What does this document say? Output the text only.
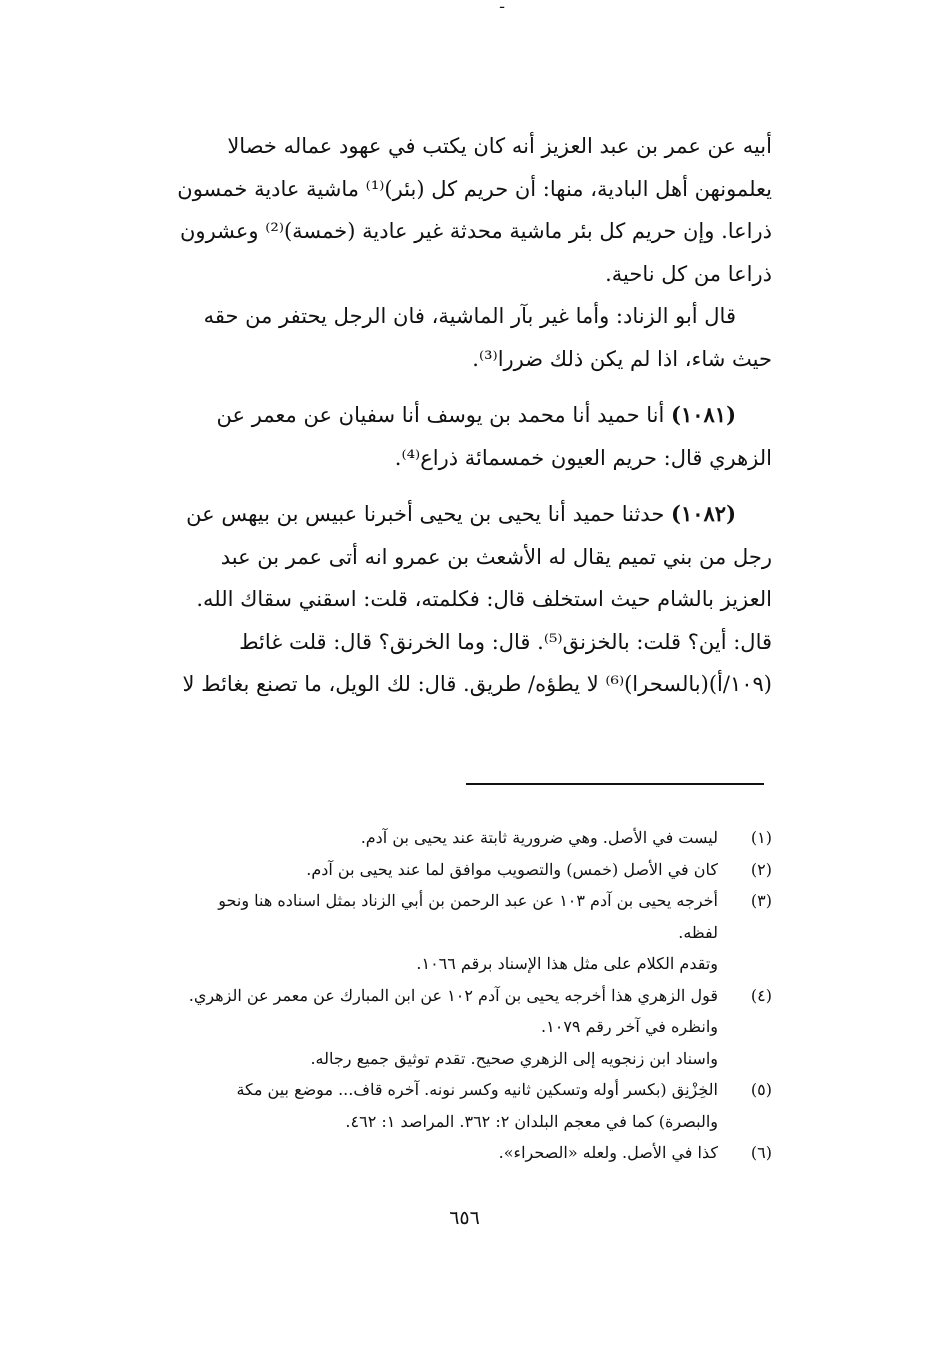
ـ

أبيه عن عمر بن عبد العزيز أنه كان يكتب في عهود عماله خصالا
يعلمونهن أهل البادية، منها: أن حريم كل (بئر)⁽¹⁾ ماشية عادية خمسون
ذراعا. وإن حريم كل بئر ماشية محدثة غير عادية (خمسة)⁽²⁾ وعشرون
ذراعا من كل ناحية.

قال أبو الزناد: وأما غير بآر الماشية، فان الرجل يحتفر من حقه
حيث شاء، اذا لم يكن ذلك ضررا⁽³⁾.

(١٠٨١) أنا حميد أنا محمد بن يوسف أنا سفيان عن معمر عن
الزهري قال: حريم العيون خمسمائة ذراع⁽⁴⁾.

(١٠٨٢) حدثنا حميد أنا يحيى بن يحيى أخبرنا عبيس بن بيهس عن
رجل من بني تميم يقال له الأشعث بن عمرو انه أتى عمر بن عبد
العزيز بالشام حيث استخلف قال: فكلمته، قلت: اسقني سقاك الله.
قال: أين؟ قلت: بالخزنق⁽⁵⁾. قال: وما الخرنق؟ قال: قلت غائط
(١٠٩/أ)(بالسحرا)⁽⁶⁾ لا يطؤه/ طريق. قال: لك الويل، ما تصنع بغائط لا

(١)
ليست في الأصل. وهي ضرورية ثابتة عند يحيى بن آدم.
(٢)
كان في الأصل (خمس) والتصويب موافق لما عند يحيى بن آدم.
(٣)
أخرجه يحيى بن آدم ١٠٣ عن عبد الرحمن بن أبي الزناد بمثل اسناده هنا ونحو
لفظه.
وتقدم الكلام على مثل هذا الإسناد برقم ١٠٦٦.
(٤)
قول الزهري هذا أخرجه يحيى بن آدم ١٠٢ عن ابن المبارك عن معمر عن الزهري.
وانظره في آخر رقم ١٠٧٩.
واسناد ابن زنجويه إلى الزهري صحيح. تقدم توثيق جميع رجاله.
(٥)
الخِزْنِق (بكسر أوله وتسكين ثانيه وكسر نونه. آخره قاف... موضع بين مكة
والبصرة) كما في معجم البلدان ٢: ٣٦٢. المراصد ١: ٤٦٢.
(٦)
كذا في الأصل. ولعله «الصحراء».
٦٥٦
